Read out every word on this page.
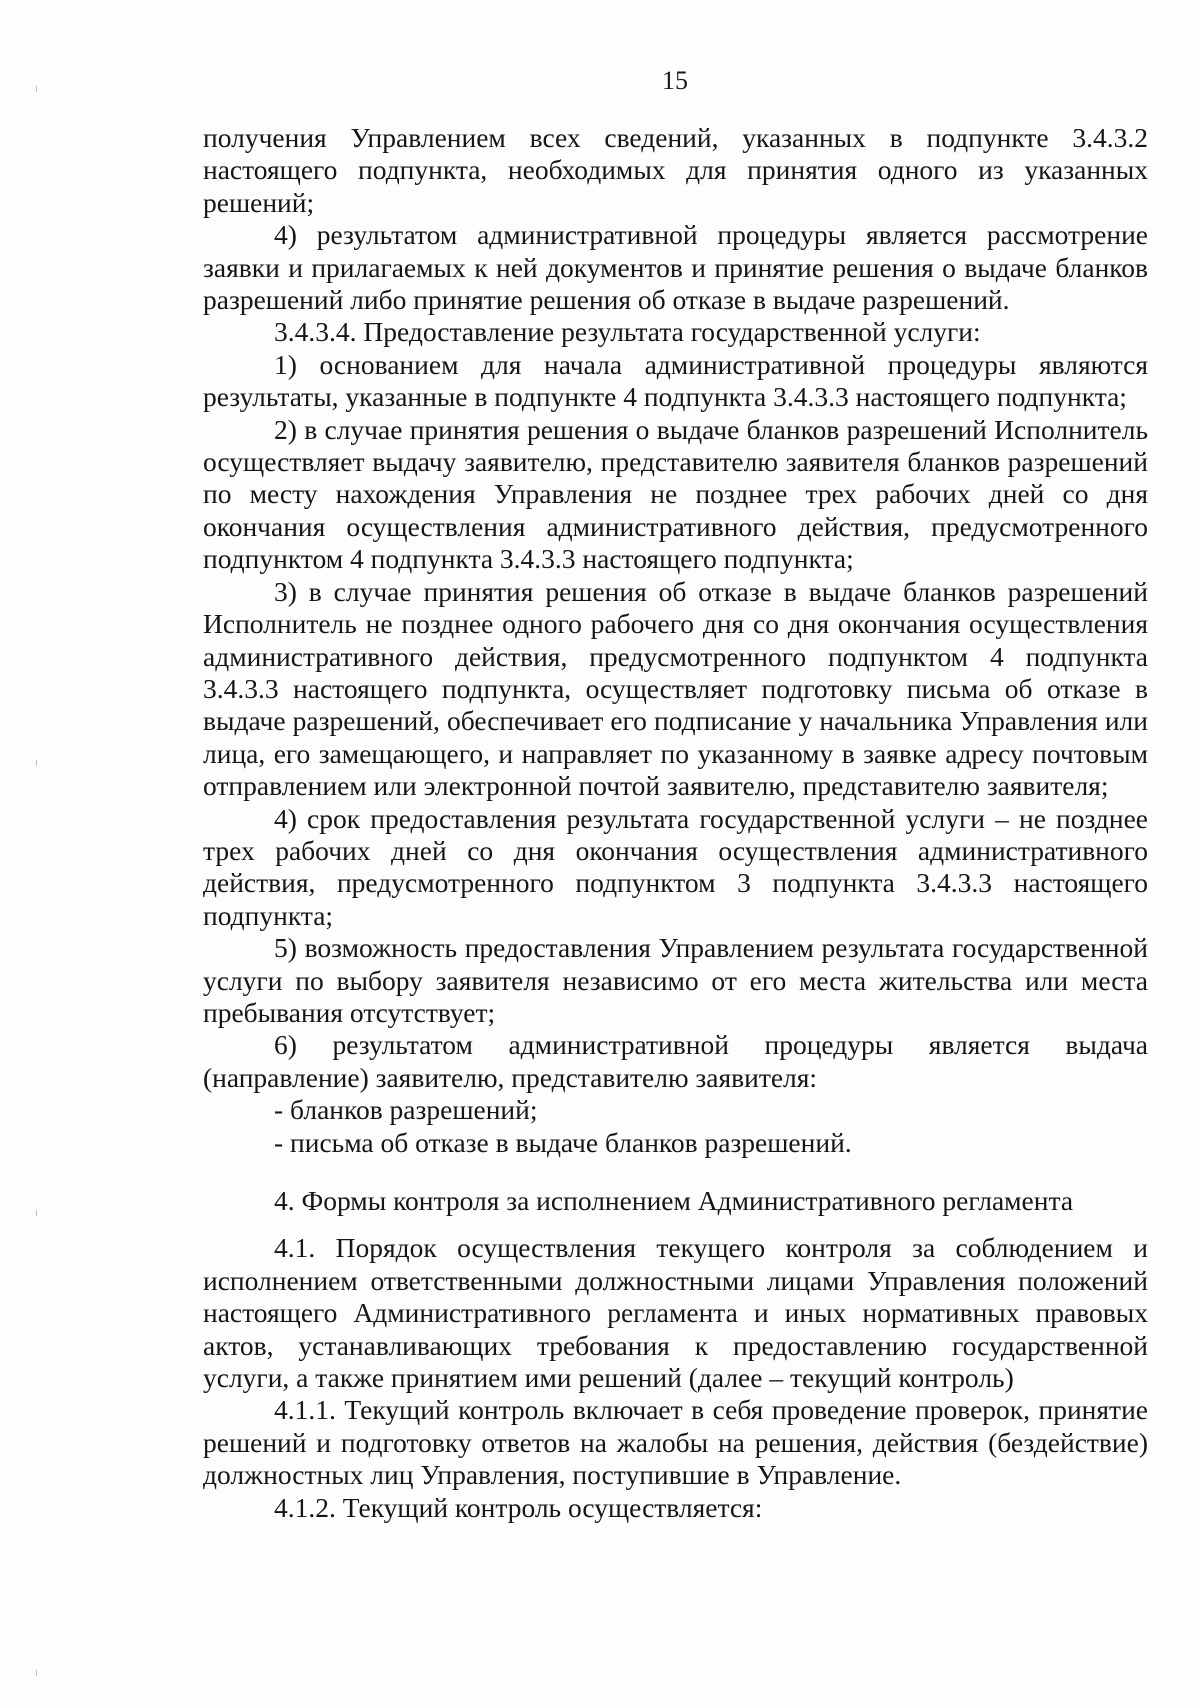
15

получения Управлением всех сведений, указанных в подпункте 3.4.3.2 настоящего подпункта, необходимых для принятия одного из указанных решений;

4) результатом административной процедуры является рассмотрение заявки и прилагаемых к ней документов и принятие решения о выдаче бланков разрешений либо принятие решения об отказе в выдаче разрешений.

3.4.3.4. Предоставление результата государственной услуги:

1) основанием для начала административной процедуры являются результаты, указанные в подпункте 4 подпункта 3.4.3.3 настоящего подпункта;

2) в случае принятия решения о выдаче бланков разрешений Исполнитель осуществляет выдачу заявителю, представителю заявителя бланков разрешений по месту нахождения Управления не позднее трех рабочих дней со дня окончания осуществления административного действия, предусмотренного подпунктом 4 подпункта 3.4.3.3 настоящего подпункта;

3) в случае принятия решения об отказе в выдаче бланков разрешений Исполнитель не позднее одного рабочего дня со дня окончания осуществления административного действия, предусмотренного подпунктом 4 подпункта 3.4.3.3 настоящего подпункта, осуществляет подготовку письма об отказе в выдаче разрешений, обеспечивает его подписание у начальника Управления или лица, его замещающего, и направляет по указанному в заявке адресу почтовым отправлением или электронной почтой заявителю, представителю заявителя;

4) срок предоставления результата государственной услуги – не позднее трех рабочих дней со дня окончания осуществления административного действия, предусмотренного подпунктом 3 подпункта 3.4.3.3 настоящего подпункта;

5) возможность предоставления Управлением результата государственной услуги по выбору заявителя независимо от его места жительства или места пребывания отсутствует;

6) результатом административной процедуры является выдача (направление) заявителю, представителю заявителя:

- бланков разрешений;

- письма об отказе в выдаче бланков разрешений.

4. Формы контроля за исполнением Административного регламента

4.1. Порядок осуществления текущего контроля за соблюдением и исполнением ответственными должностными лицами Управления положений настоящего Административного регламента и иных нормативных правовых актов, устанавливающих требования к предоставлению государственной услуги, а также принятием ими решений (далее – текущий контроль)

4.1.1. Текущий контроль включает в себя проведение проверок, принятие решений и подготовку ответов на жалобы на решения, действия (бездействие) должностных лиц Управления, поступившие в Управление.

4.1.2. Текущий контроль осуществляется:
